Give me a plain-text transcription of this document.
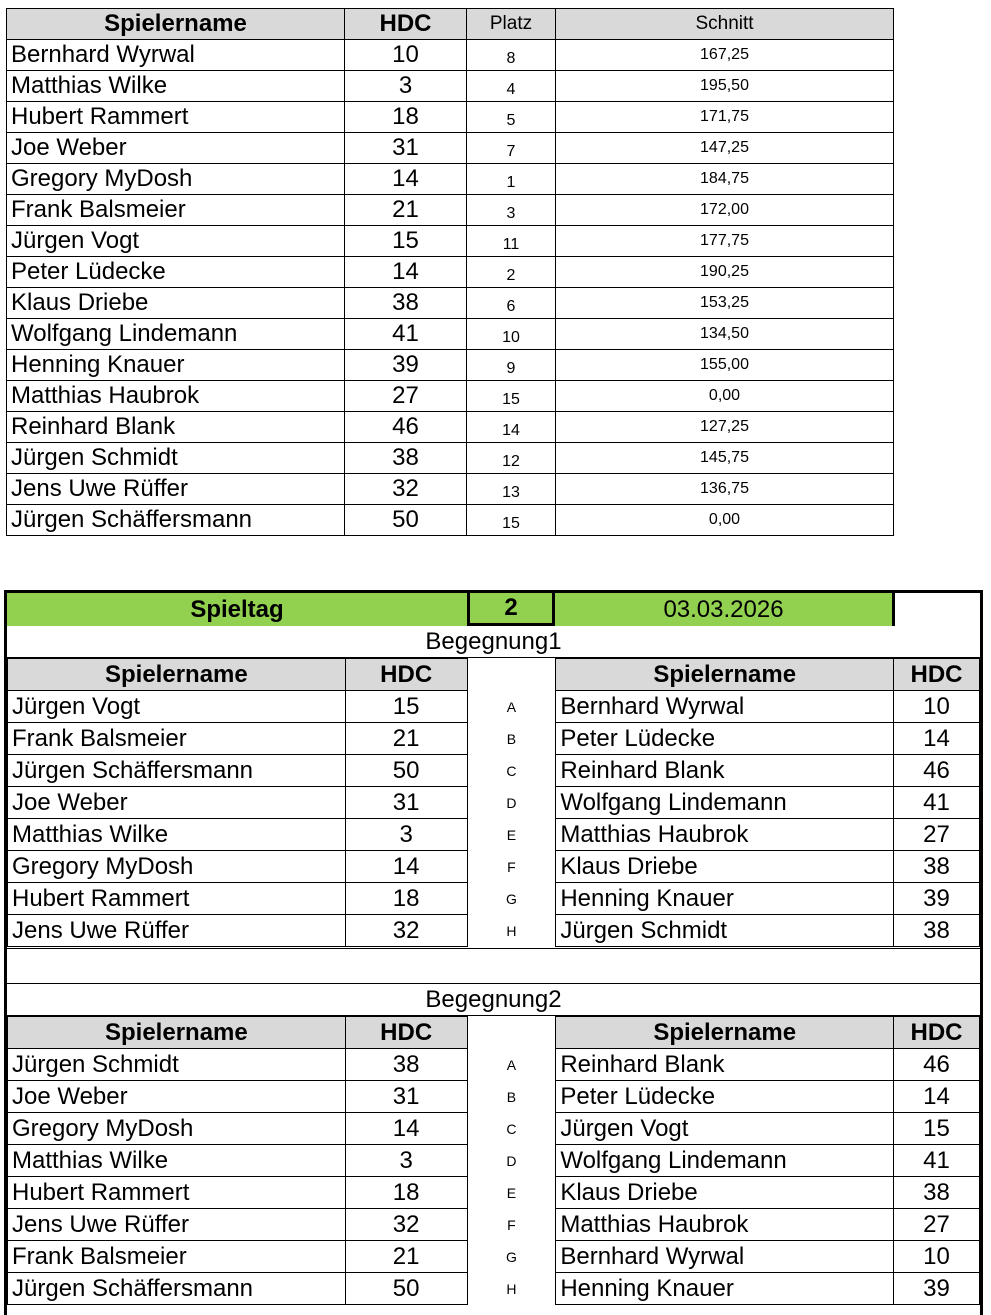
Spielername	HDC	Platz	Schnitt
Bernhard Wyrwal	10	8	167,25
Matthias Wilke	3	4	195,50
Hubert Rammert	18	5	171,75
Joe Weber	31	7	147,25
Gregory MyDosh	14	1	184,75
Frank Balsmeier	21	3	172,00
Jürgen Vogt	15	11	177,75
Peter Lüdecke	14	2	190,25
Klaus Driebe	38	6	153,25
Wolfgang Lindemann	41	10	134,50
Henning Knauer	39	9	155,00
Matthias Haubrok	27	15	0,00
Reinhard Blank	46	14	127,25
Jürgen Schmidt	38	12	145,75
Jens Uwe Rüffer	32	13	136,75
Jürgen Schäffersmann	50	15	0,00
Spieltag	2	03.03.2026
Begegnung1
Spielername	HDC		Spielername	HDC
Jürgen Vogt	15	A	Bernhard Wyrwal	10
Frank Balsmeier	21	B	Peter Lüdecke	14
Jürgen Schäffersmann	50	C	Reinhard Blank	46
Joe Weber	31	D	Wolfgang Lindemann	41
Matthias Wilke	3	E	Matthias Haubrok	27
Gregory MyDosh	14	F	Klaus Driebe	38
Hubert Rammert	18	G	Henning Knauer	39
Jens Uwe Rüffer	32	H	Jürgen Schmidt	38
Begegnung2
Spielername	HDC		Spielername	HDC
Jürgen Schmidt	38	A	Reinhard Blank	46
Joe Weber	31	B	Peter Lüdecke	14
Gregory MyDosh	14	C	Jürgen Vogt	15
Matthias Wilke	3	D	Wolfgang Lindemann	41
Hubert Rammert	18	E	Klaus Driebe	38
Jens Uwe Rüffer	32	F	Matthias Haubrok	27
Frank Balsmeier	21	G	Bernhard Wyrwal	10
Jürgen Schäffersmann	50	H	Henning Knauer	39
